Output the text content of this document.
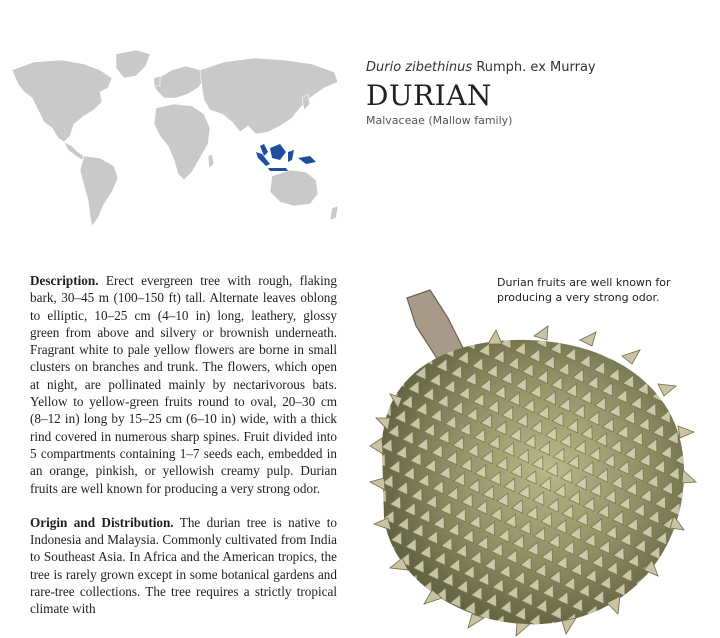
Durio zibethinus Rumph. ex Murray
DURIAN
Malvaceae (Mallow family)

Description. Erect evergreen tree with rough, flaking bark, 30–45 m (100–150 ft) tall. Alternate leaves oblong to elliptic, 10–25 cm (4–10 in) long, leathery, glossy green from above and silvery or brownish underneath. Fragrant white to pale yellow flowers are borne in small clusters on branches and trunk. The flowers, which open at night, are pollinated mainly by nectarivorous bats. Yellow to yellow-green fruits round to oval, 20–30 cm (8–12 in) long by 15–25 cm (6–10 in) wide, with a thick rind covered in numerous sharp spines. Fruit divided into 5 compartments containing 1–7 seeds each, embedded in an orange, pinkish, or yellowish creamy pulp. Durian fruits are well known for producing a very strong odor.

Origin and Distribution. The durian tree is native to Indonesia and Malaysia. Commonly cultivated from India to Southeast Asia. In Africa and the American tropics, the tree is rarely grown except in some botanical gardens and rare-tree collections. The tree requires a strictly tropical climate with

Durian fruits are well known for producing a very strong odor.
